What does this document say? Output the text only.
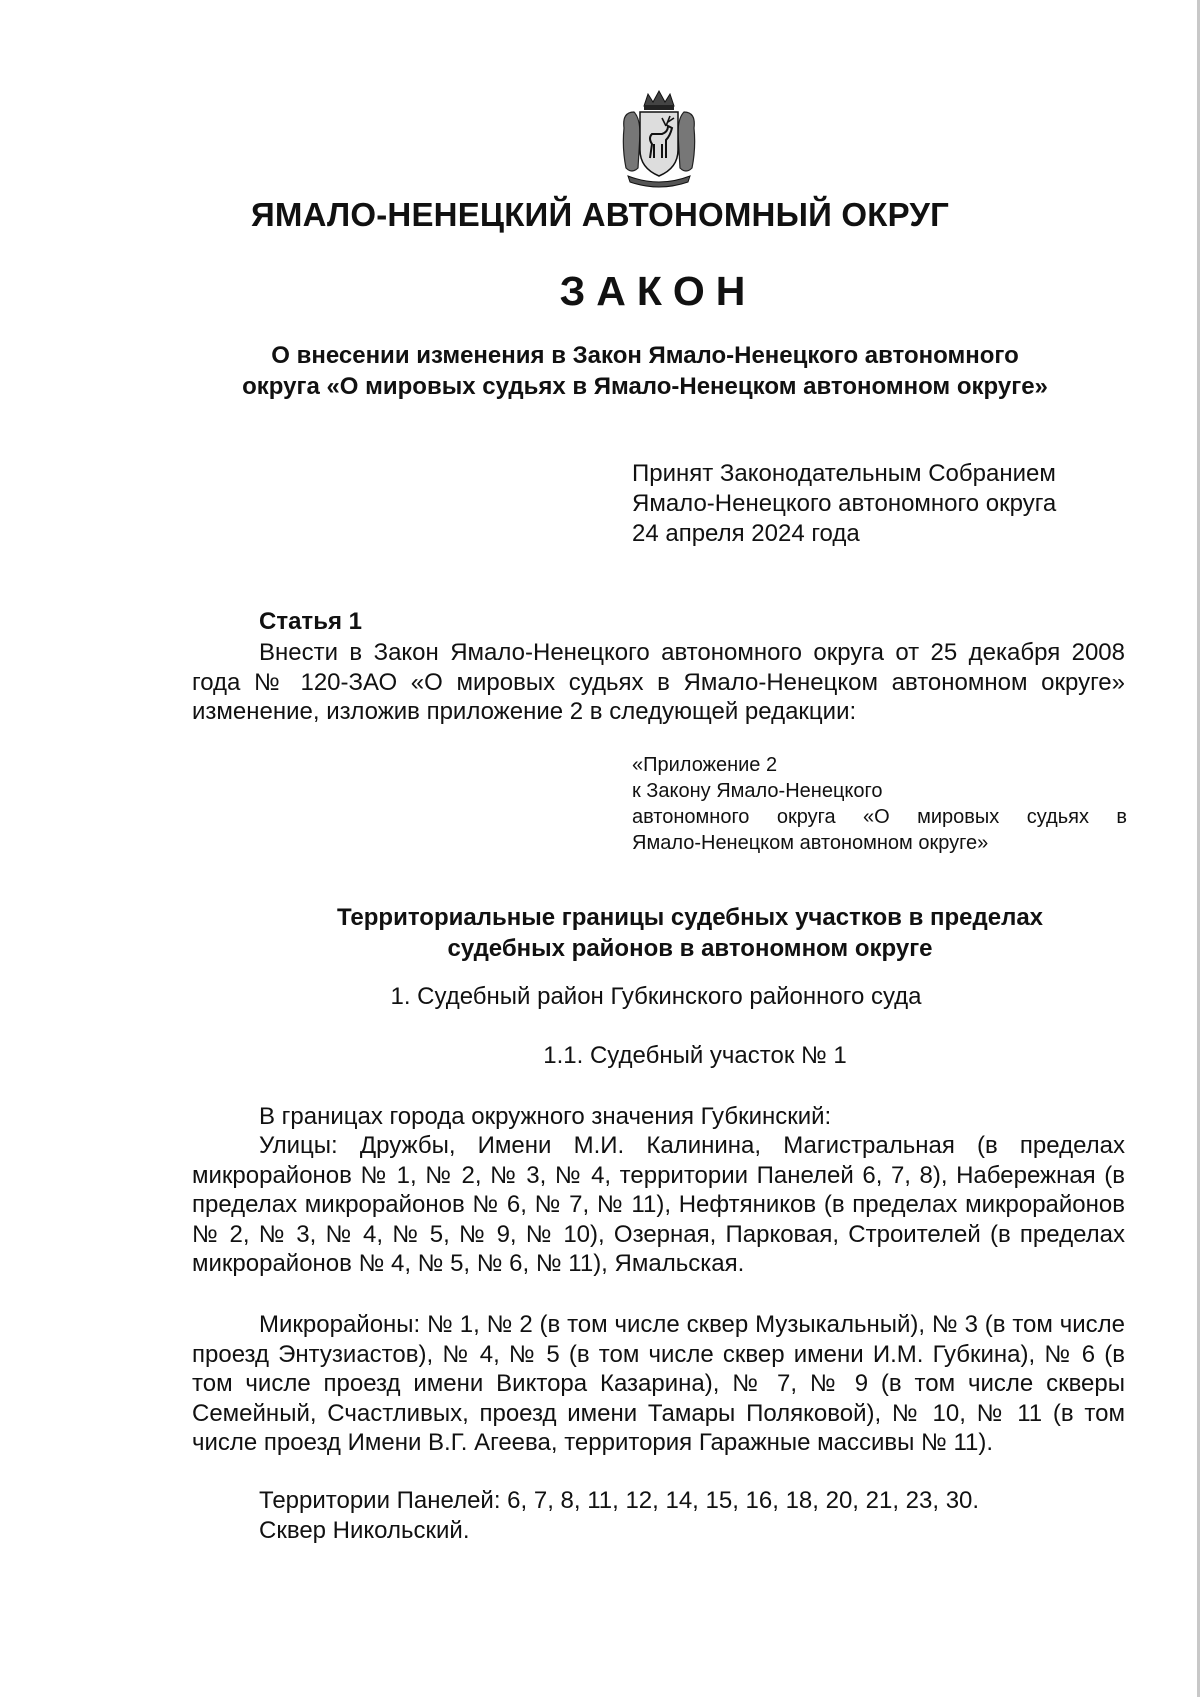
ЯМАЛО-НЕНЕЦКИЙ АВТОНОМНЫЙ ОКРУГ
ЗАКОН
О внесении изменения в Закон Ямало-Ненецкого автономного
округа «О мировых судьях в Ямало-Ненецком автономном округе»
Принят Законодательным Собранием
Ямало-Ненецкого автономного округа
24 апреля 2024 года
Статья 1
Внести в Закон Ямало-Ненецкого автономного округа от 25 декабря 2008 года № 120-ЗАО «О мировых судьях в Ямало-Ненецком автономном округе» изменение, изложив приложение 2 в следующей редакции:
«Приложение 2
к Закону Ямало-Ненецкого
автономного округа «О мировых судьях в
Ямало-Ненецком автономном округе»
Территориальные границы судебных участков в пределах
судебных районов в автономном округе
1. Судебный район Губкинского районного суда
1.1. Судебный участок № 1
В границах города окружного значения Губкинский:
Улицы: Дружбы, Имени М.И. Калинина, Магистральная (в пределах микрорайонов № 1, № 2, № 3, № 4, территории Панелей 6, 7, 8), Набережная (в пределах микрорайонов № 6, № 7, № 11), Нефтяников (в пределах микрорайонов № 2, № 3, № 4, № 5, № 9, № 10), Озерная, Парковая, Строителей (в пределах микрорайонов № 4, № 5, № 6, № 11), Ямальская.
Микрорайоны: № 1, № 2 (в том числе сквер Музыкальный), № 3 (в том числе проезд Энтузиастов), № 4, № 5 (в том числе сквер имени И.М. Губкина), № 6 (в том числе проезд имени Виктора Казарина), № 7, № 9 (в том числе скверы Семейный, Счастливых, проезд имени Тамары Поляковой), № 10, № 11 (в том числе проезд Имени В.Г. Агеева, территория Гаражные массивы № 11).
Территории Панелей: 6, 7, 8, 11, 12, 14, 15, 16, 18, 20, 21, 23, 30.
Сквер Никольский.
